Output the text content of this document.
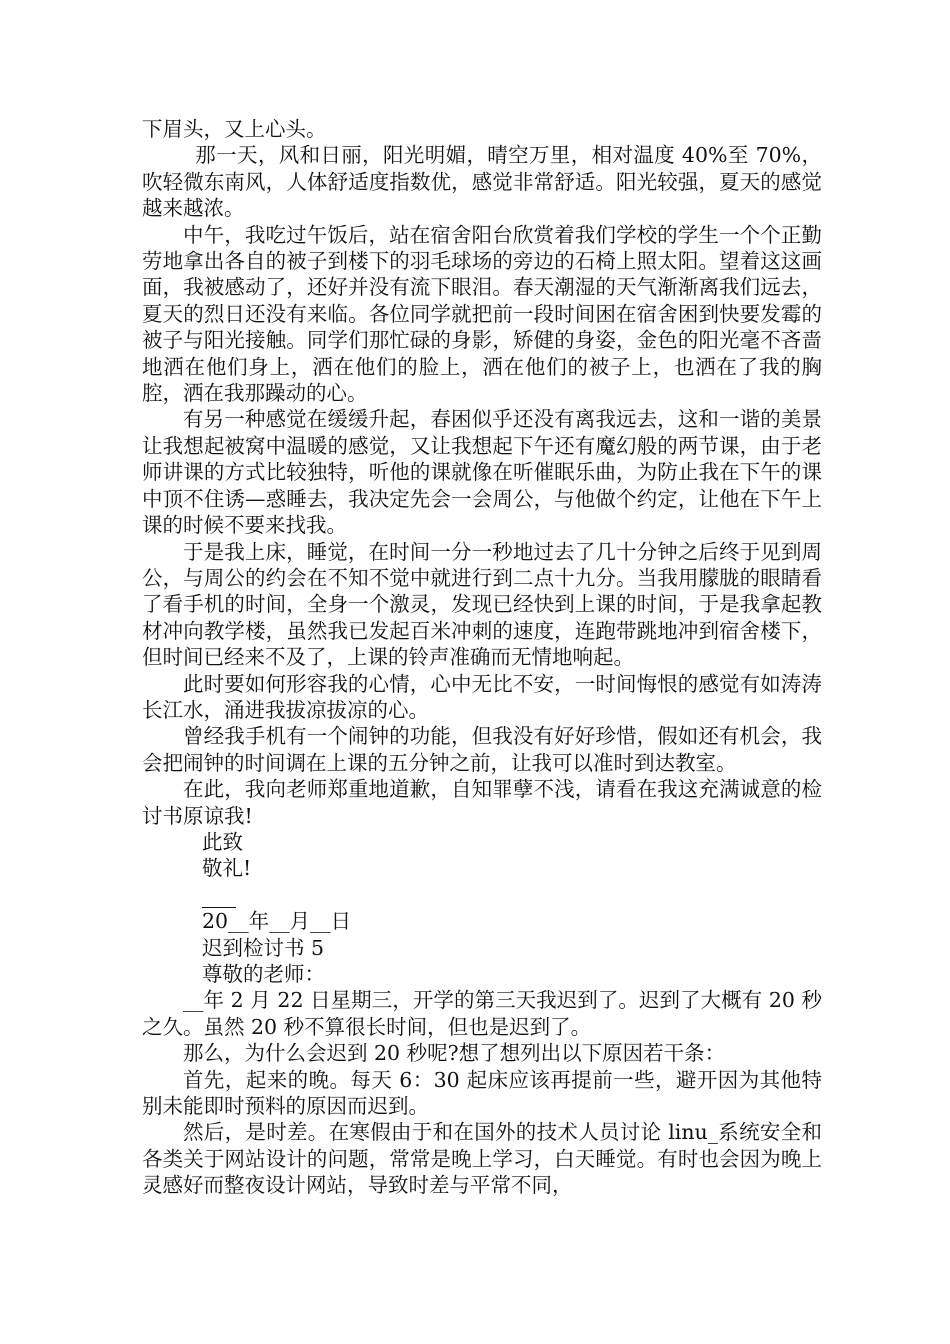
下眉头，又上心头。

那一天，风和日丽，阳光明媚，晴空万里，相对温度 40%至 70%，吹轻微东南风，人体舒适度指数优，感觉非常舒适。阳光较强，夏天的感觉越来越浓。

中午，我吃过午饭后，站在宿舍阳台欣赏着我们学校的学生一个个正勤劳地拿出各自的被子到楼下的羽毛球场的旁边的石椅上照太阳。望着这这画面，我被感动了，还好并没有流下眼泪。春天潮湿的天气渐渐离我们远去，夏天的烈日还没有来临。各位同学就把前一段时间困在宿舍困到快要发霉的被子与阳光接触。同学们那忙碌的身影，矫健的身姿，金色的阳光毫不吝啬地洒在他们身上，洒在他们的脸上，洒在他们的被子上，也洒在了我的胸腔，洒在我那躁动的心。

有另一种感觉在缓缓升起，春困似乎还没有离我远去，这和一谐的美景让我想起被窝中温暖的感觉，又让我想起下午还有魔幻般的两节课，由于老师讲课的方式比较独特，听他的课就像在听催眠乐曲，为防止我在下午的课中顶不住诱—惑睡去，我决定先会一会周公，与他做个约定，让他在下午上课的时候不要来找我。

于是我上床，睡觉，在时间一分一秒地过去了几十分钟之后终于见到周公，与周公的约会在不知不觉中就进行到二点十九分。当我用朦胧的眼睛看了看手机的时间，全身一个激灵，发现已经快到上课的时间，于是我拿起教材冲向教学楼，虽然我已发起百米冲刺的速度，连跑带跳地冲到宿舍楼下，但时间已经来不及了，上课的铃声准确而无情地响起。

此时要如何形容我的心情，心中无比不安，一时间悔恨的感觉有如涛涛长江水，涌进我拔凉拔凉的心。

曾经我手机有一个闹钟的功能，但我没有好好珍惜，假如还有机会，我会把闹钟的时间调在上课的五分钟之前，让我可以准时到达教室。

在此，我向老师郑重地道歉，自知罪孽不浅，请看在我这充满诚意的检讨书原谅我!

此致

敬礼!

20__年__月__日

迟到检讨书 5

尊敬的老师：

__年 2 月 22 日星期三，开学的第三天我迟到了。迟到了大概有 20 秒之久。虽然 20 秒不算很长时间，但也是迟到了。

那么，为什么会迟到 20 秒呢?想了想列出以下原因若干条：

首先，起来的晚。每天 6：30 起床应该再提前一些，避开因为其他特别未能即时预料的原因而迟到。

然后，是时差。在寒假由于和在国外的技术人员讨论 linu_系统安全和各类关于网站设计的问题，常常是晚上学习，白天睡觉。有时也会因为晚上灵感好而整夜设计网站，导致时差与平常不同，
